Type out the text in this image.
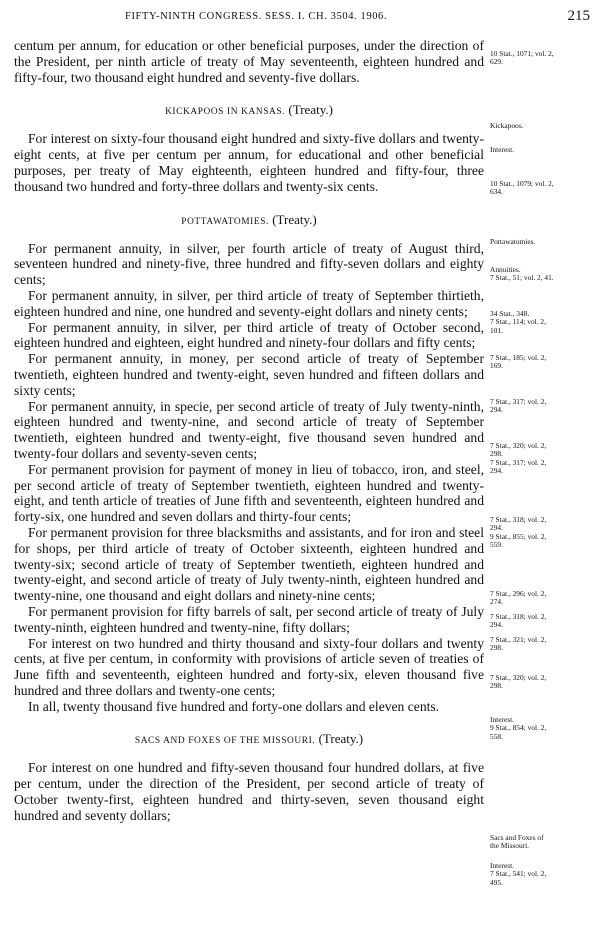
FIFTY-NINTH CONGRESS. SESS. I. CH. 3504. 1906.	215

centum per annum, for education or other beneficial purposes, under the direction of the President, per ninth article of treaty of May seventeenth, eighteen hundred and fifty-four, two thousand eight hundred and seventy-five dollars.

KICKAPOOS IN KANSAS. (Treaty.)

For interest on sixty-four thousand eight hundred and sixty-five dollars and twenty-eight cents, at five per centum per annum, for educational and other beneficial purposes, per treaty of May eighteenth, eighteen hundred and fifty-four, three thousand two hundred and forty-three dollars and twenty-six cents.

POTTAWATOMIES. (Treaty.)

For permanent annuity, in silver, per fourth article of treaty of August third, seventeen hundred and ninety-five, three hundred and fifty-seven dollars and eighty cents;

For permanent annuity, in silver, per third article of treaty of September thirtieth, eighteen hundred and nine, one hundred and seventy-eight dollars and ninety cents;

For permanent annuity, in silver, per third article of treaty of October second, eighteen hundred and eighteen, eight hundred and ninety-four dollars and fifty cents;

For permanent annuity, in money, per second article of treaty of September twentieth, eighteen hundred and twenty-eight, seven hundred and fifteen dollars and sixty cents;

For permanent annuity, in specie, per second article of treaty of July twenty-ninth, eighteen hundred and twenty-nine, and second article of treaty of September twentieth, eighteen hundred and twenty-eight, five thousand seven hundred and twenty-four dollars and seventy-seven cents;

For permanent provision for payment of money in lieu of tobacco, iron, and steel, per second article of treaty of September twentieth, eighteen hundred and twenty-eight, and tenth article of treaties of June fifth and seventeenth, eighteen hundred and forty-six, one hundred and seven dollars and thirty-four cents;

For permanent provision for three blacksmiths and assistants, and for iron and steel for shops, per third article of treaty of October sixteenth, eighteen hundred and twenty-six; second article of treaty of September twentieth, eighteen hundred and twenty-eight, and second article of treaty of July twenty-ninth, eighteen hundred and twenty-nine, one thousand and eight dollars and ninety-nine cents;

For permanent provision for fifty barrels of salt, per second article of treaty of July twenty-ninth, eighteen hundred and twenty-nine, fifty dollars;

For interest on two hundred and thirty thousand and sixty-four dollars and twenty cents, at five per centum, in conformity with provisions of article seven of treaties of June fifth and seventeenth, eighteen hundred and forty-six, eleven thousand five hundred and three dollars and twenty-one cents;

In all, twenty thousand five hundred and forty-one dollars and eleven cents.

SACS AND FOXES OF THE MISSOURI. (Treaty.)

For interest on one hundred and fifty-seven thousand four hundred dollars, at five per centum, under the direction of the President, per second article of treaty of October twenty-first, eighteen hundred and thirty-seven, seven thousand eight hundred and seventy dollars;

10 Stat., 1071; vol. 2,
629.
Kickapoos.
Interest.
10 Stat., 1079; vol. 2,
634.
Pottawatomies.
Annuities.
7 Stat., 51; vol. 2, 41.
34 Stat., 348.
7 Stat., 114; vol. 2,
101.
7 Stat., 185; vol. 2,
169.
7 Stat., 317; vol. 2,
294.
7 Stat., 320; vol. 2,
298.
7 Stat., 317; vol. 2,
294.
7 Stat., 318; vol. 2,
294.
9 Stat., 855; vol. 2,
559.
7 Stat., 296; vol. 2,
274.
7 Stat., 318; vol. 2,
294.
7 Stat., 321; vol. 2,
298.
7 Stat., 320; vol. 2,
298.
Interest.
9 Stat., 854; vol. 2,
558.
Sacs and Foxes of
the Missouri.
Interest.
7 Stat., 541; vol. 2,
495.
